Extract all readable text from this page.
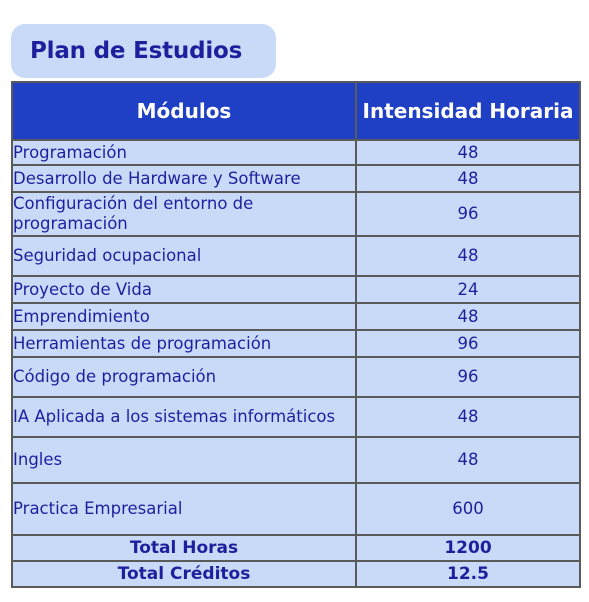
Plan de Estudios
Módulos	Intensidad Horaria
Programación	48
Desarrollo de Hardware y Software	48
Configuración del entorno de programación	96
Seguridad ocupacional	48
Proyecto de Vida	24
Emprendimiento	48
Herramientas de programación	96
Código de programación	96
IA Aplicada a los sistemas informáticos	48
Ingles	48
Practica Empresarial	600
Total Horas	1200
Total Créditos	12.5
